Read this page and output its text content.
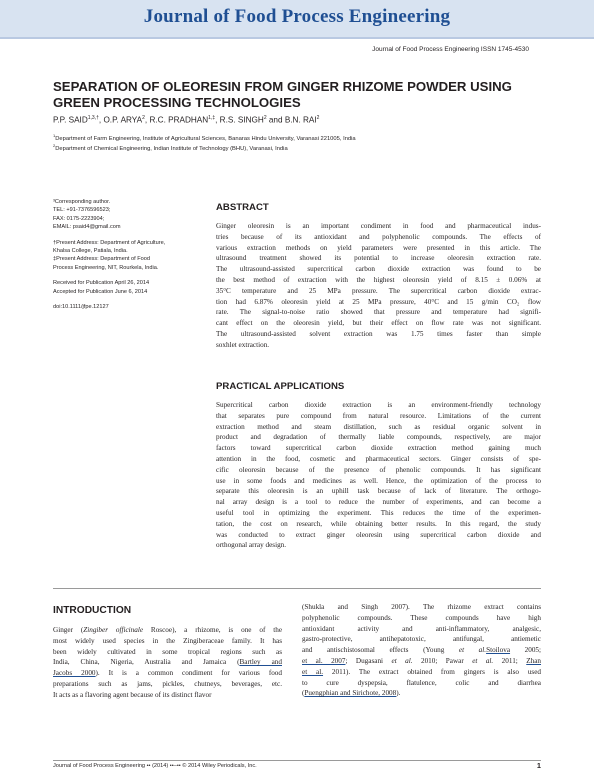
Journal of Food Process Engineering
Journal of Food Process Engineering ISSN 1745-4530
SEPARATION OF OLEORESIN FROM GINGER RHIZOME POWDER USING GREEN PROCESSING TECHNOLOGIES

P.P. $SAID^{1,3,\dagger}$, O.P. ARYA$^2$, R.C. $PRADHAN^{1,\ddagger}$, R.S. SINGH$^2$ and B.N. RAI$^2$

$^1$Department of Farm Engineering, Institute of Agricultural Sciences, Banaras Hindu University, Varanasi 221005, India

$^2$Department of Chemical Engineering, Indian Institute of Technology (BHU), Varanasi, India

³Corresponding author.
TEL: +91-7376596523;
FAX: 0175-2223904;
EMAIL: psaid4@gmail.com

†Present Address: Department of Agriculture,
Khalsa College, Patiala, India.
‡Present Address: Department of Food
Process Engineering, NIT, Rourkela, India.

Received for Publication April 26, 2014
Accepted for Publication June 6, 2014

doi:10.1111/jfpe.12127

ABSTRACT
Ginger oleoresin is an important condiment in food and pharmaceutical indus-
tries because of its antioxidant and polyphenolic compounds. The effects of
various extraction methods on yield parameters were presented in this article. The
ultrasound treatment showed its potential to increase oleoresin extraction rate.
The ultrasound-assisted supercritical carbon dioxide extraction was found to be
the best method of extraction with the highest oleoresin yield of 8.15 ± 0.06% at
35°C temperature and 25 MPa pressure. The supercritical carbon dioxide extrac-
tion had 6.87% oleoresin yield at 25 MPa pressure, 40°C and 15 g/min CO₂ flow
rate. The signal-to-noise ratio showed that pressure and temperature had signifi-
cant effect on the oleoresin yield, but their effect on flow rate was not significant.
The ultrasound-assisted solvent extraction was 1.75 times faster than simple
soxhlet extraction.
PRACTICAL APPLICATIONS
Supercritical carbon dioxide extraction is an environment-friendly technology
that separates pure compound from natural resource. Limitations of the current
extraction method and steam distillation, such as residual organic solvent in
product and degradation of thermally liable compounds, respectively, are major
factors toward supercritical carbon dioxide extraction method gaining much
attention in the food, cosmetic and pharmaceutical sectors. Ginger consists of spe-
cific oleoresin because of the presence of phenolic compounds. It has significant
use in some foods and medicines as well. Hence, the optimization of the process to
separate this oleoresin is an uphill task because of lack of literature. The orthogo-
nal array design is a tool to reduce the number of experiments, and can become a
useful tool in optimizing the experiment. This reduces the time of the experimen-
tation, the cost on research, while obtaining better results. In this regard, the study
was conducted to extract ginger oleoresin using supercritical carbon dioxide and
orthogonal array design.
INTRODUCTION
Ginger (Zingiber officinale Roscoe), a rhizome, is one of the
most widely used species in the Zingiberaceae family. It has
been widely cultivated in some tropical regions such as
India, China, Nigeria, Australia and Jamaica (Bartley and
Jacobs 2000). It is a common condiment for various food
preparations such as jams, pickles, chutneys, beverages, etc.
It acts as a flavoring agent because of its distinct flavor
(Shukla and Singh 2007). The rhizome extract contains
polyphenolic compounds. These compounds have high
antioxidant activity and anti-inflammatory, analgesic,
gastro-protective, antihepatotoxic, antifungal, antiemetic
and antischistosomal effects (Young et al.Stoilova 2005;
et al. 2007; Dugasani et al. 2010; Pawar et al. 2011; Zhan
et al. 2011). The extract obtained from gingers is also used
to cure dyspepsia, flatulence, colic and diarrhea
(Puengphian and Sirichote, 2008).
Journal of Food Process Engineering •• (2014) ••–•• © 2014 Wiley Periodicals, Inc.	1
